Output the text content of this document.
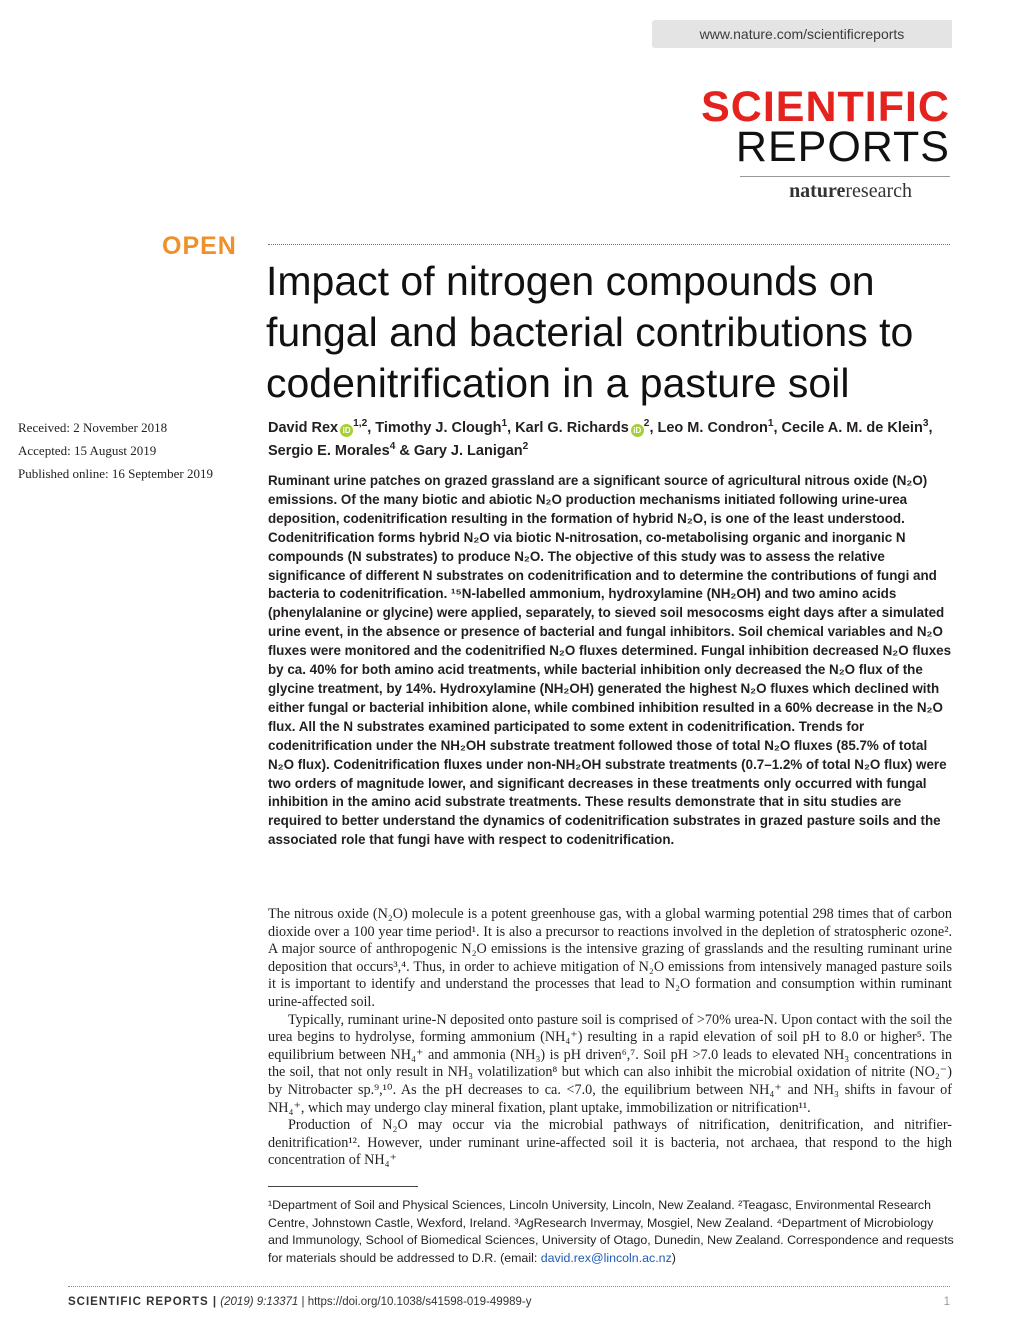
www.nature.com/scientificreports
SCIENTIFIC
REPORTS
natureresearch
OPEN
Impact of nitrogen compounds on fungal and bacterial contributions to codenitrification in a pasture soil
Received: 2 November 2018
Accepted: 15 August 2019
Published online: 16 September 2019
David Rex iD$^{1,2}$, Timothy J. Clough$^1$, Karl G. Richards $iD^2$, Leo M. Condron$^1$, Cecile A. M. de Klein$^3$, Sergio E. Morales$^4$ & Gary J. Lanigan$^2$
Ruminant urine patches on grazed grassland are a significant source of agricultural nitrous oxide (N₂O) emissions. Of the many biotic and abiotic N₂O production mechanisms initiated following urine-urea deposition, codenitrification resulting in the formation of hybrid N₂O, is one of the least understood. Codenitrification forms hybrid N₂O via biotic N-nitrosation, co-metabolising organic and inorganic N compounds (N substrates) to produce N₂O. The objective of this study was to assess the relative significance of different N substrates on codenitrification and to determine the contributions of fungi and bacteria to codenitrification. ¹⁵N-labelled ammonium, hydroxylamine (NH₂OH) and two amino acids (phenylalanine or glycine) were applied, separately, to sieved soil mesocosms eight days after a simulated urine event, in the absence or presence of bacterial and fungal inhibitors. Soil chemical variables and N₂O fluxes were monitored and the codenitrified N₂O fluxes determined. Fungal inhibition decreased N₂O fluxes by ca. 40% for both amino acid treatments, while bacterial inhibition only decreased the N₂O flux of the glycine treatment, by 14%. Hydroxylamine (NH₂OH) generated the highest N₂O fluxes which declined with either fungal or bacterial inhibition alone, while combined inhibition resulted in a 60% decrease in the N₂O flux. All the N substrates examined participated to some extent in codenitrification. Trends for codenitrification under the NH₂OH substrate treatment followed those of total N₂O fluxes (85.7% of total N₂O flux). Codenitrification fluxes under non-NH₂OH substrate treatments (0.7–1.2% of total N₂O flux) were two orders of magnitude lower, and significant decreases in these treatments only occurred with fungal inhibition in the amino acid substrate treatments. These results demonstrate that in situ studies are required to better understand the dynamics of codenitrification substrates in grazed pasture soils and the associated role that fungi have with respect to codenitrification.

The nitrous oxide (N₂O) molecule is a potent greenhouse gas, with a global warming potential 298 times that of carbon dioxide over a 100 year time period¹. It is also a precursor to reactions involved in the depletion of stratospheric ozone². A major source of anthropogenic N₂O emissions is the intensive grazing of grasslands and the resulting ruminant urine deposition that occurs³,⁴. Thus, in order to achieve mitigation of N₂O emissions from intensively managed pasture soils it is important to identify and understand the processes that lead to N₂O formation and consumption within ruminant urine-affected soil.

Typically, ruminant urine-N deposited onto pasture soil is comprised of >70% urea-N. Upon contact with the soil the urea begins to hydrolyse, forming ammonium (NH₄⁺) resulting in a rapid elevation of soil pH to 8.0 or higher⁵. The equilibrium between NH₄⁺ and ammonia (NH₃) is pH driven⁶,⁷. Soil pH >7.0 leads to elevated NH₃ concentrations in the soil, that not only result in NH₃ volatilization⁸ but which can also inhibit the microbial oxidation of nitrite (NO₂⁻) by Nitrobacter sp.⁹,¹⁰. As the pH decreases to ca. <7.0, the equilibrium between NH₄⁺ and NH₃ shifts in favour of NH₄⁺, which may undergo clay mineral fixation, plant uptake, immobilization or nitrification¹¹.

Production of N₂O may occur via the microbial pathways of nitrification, denitrification, and nitrifier-denitrification¹². However, under ruminant urine-affected soil it is bacteria, not archaea, that respond to the high concentration of NH₄⁺

¹Department of Soil and Physical Sciences, Lincoln University, Lincoln, New Zealand. ²Teagasc, Environmental Research Centre, Johnstown Castle, Wexford, Ireland. ³AgResearch Invermay, Mosgiel, New Zealand. ⁴Department of Microbiology and Immunology, School of Biomedical Sciences, University of Otago, Dunedin, New Zealand. Correspondence and requests for materials should be addressed to D.R. (email: david.rex@lincoln.ac.nz)
SCIENTIFIC REPORTS | (2019) 9:13371 | https://doi.org/10.1038/s41598-019-49989-y	1
